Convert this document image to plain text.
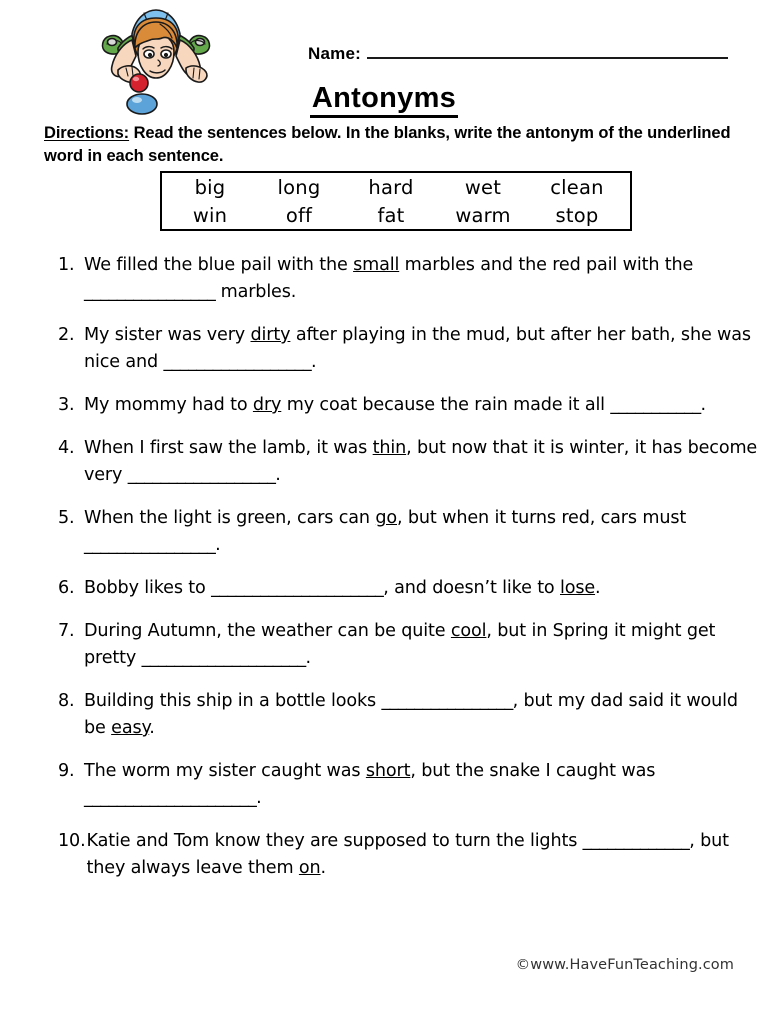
Name:
Antonyms
Directions: Read the sentences below. In the blanks, write the antonym of the underlined word in each sentence.
big	long	hard	wet	clean
win	off	fat	warm	stop
1. We filled the blue pail with the small marbles and the red pail with the ________________ marbles.
2. My sister was very dirty after playing in the mud, but after her bath, she was nice and __________________.
3. My mommy had to dry my coat because the rain made it all ___________.
4. When I first saw the lamb, it was thin, but now that it is winter, it has become very __________________.
5. When the light is green, cars can go, but when it turns red, cars must ________________.
6. Bobby likes to _____________________, and doesn’t like to lose.
7. During Autumn, the weather can be quite cool, but in Spring it might get pretty ____________________.
8. Building this ship in a bottle looks ________________, but my dad said it would be easy.
9. The worm my sister caught was short, but the snake I caught was _____________________.
10. Katie and Tom know they are supposed to turn the lights _____________, but they always leave them on.
©www.HaveFunTeaching.com
